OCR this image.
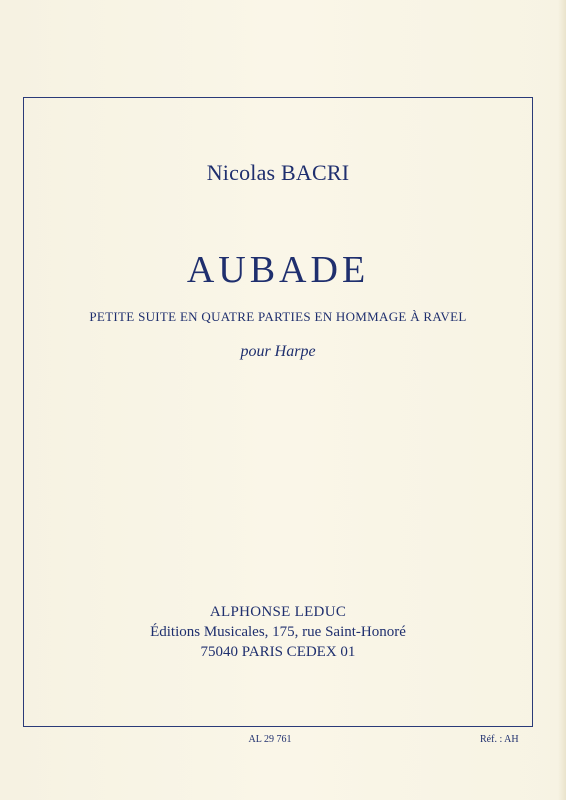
Nicolas BACRI
AUBADE
PETITE SUITE EN QUATRE PARTIES EN HOMMAGE À RAVEL
pour Harpe
ALPHONSE LEDUC
Éditions Musicales, 175, rue Saint-Honoré
75040 PARIS CEDEX 01
AL 29 761	Réf. : AH
